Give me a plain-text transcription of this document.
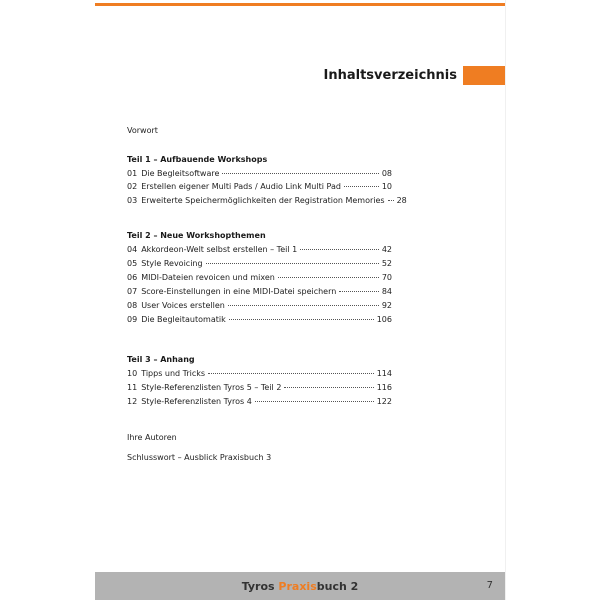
Inhaltsverzeichnis
Vorwort
Teil 1 – Aufbauende Workshops
01 Die Begleitsoftware	08
02 Erstellen eigener Multi Pads / Audio Link Multi Pad	10
03 Erweiterte Speichermöglichkeiten der Registration Memories 28
Teil 2 – Neue Workshopthemen
04 Akkordeon-Welt selbst erstellen – Teil 1	42
05 Style Revoicing	52
06 MIDI-Dateien revoicen und mixen	70
07 Score-Einstellungen in eine MIDI-Datei speichern	84
08 User Voices erstellen	92
09 Die Begleitautomatik	106
Teil 3 – Anhang
10 Tipps und Tricks	114
11 Style-Referenzlisten Tyros 5 – Teil 2	116
12 Style-Referenzlisten Tyros 4	122
Ihre Autoren
Schlusswort – Ausblick Praxisbuch 3
Tyros Praxisbuch 2	7
